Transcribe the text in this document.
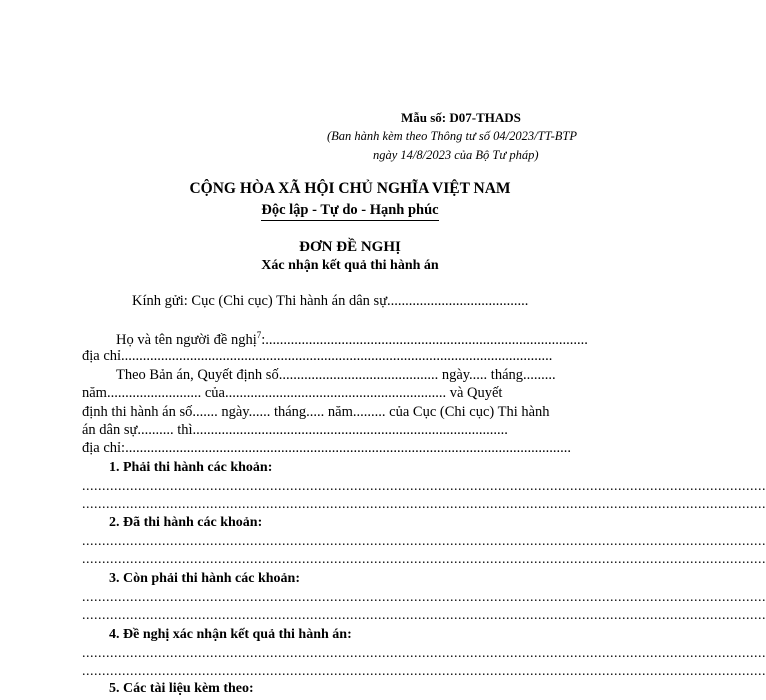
Mẫu số: D07-THADS
(Ban hành kèm theo Thông tư số 04/2023/TT-BTP
ngày 14/8/2023 của Bộ Tư pháp)
CỘNG HÒA XÃ HỘI CHỦ NGHĨA VIỆT NAM
Độc lập - Tự do - Hạnh phúc
ĐƠN ĐỀ NGHỊ
Xác nhận kết quả thi hành án
Kính gửi: Cục (Chi cục) Thi hành án dân sự.......................................
Họ và tên người đề nghị$^7$:.........................................................................................
địa chỉ.......................................................................................................................
Theo Bản án, Quyết định số............................................ ngày..... tháng.........
năm.......................... của............................................................. và Quyết
định thi hành án số....... ngày...... tháng..... năm......... của Cục (Chi cục) Thi hành
án dân sự.......... thì.......................................................................................
địa chỉ:...........................................................................................................................
1. Phải thi hành các khoản:
...........................................................................................................................................................................
...........................................................................................................................................................................
2. Đã thi hành các khoản:
...........................................................................................................................................................................
...........................................................................................................................................................................
3. Còn phải thi hành các khoản:
...........................................................................................................................................................................
...........................................................................................................................................................................
4. Đề nghị xác nhận kết quả thi hành án:
...........................................................................................................................................................................
...........................................................................................................................................................................
5. Các tài liệu kèm theo:
